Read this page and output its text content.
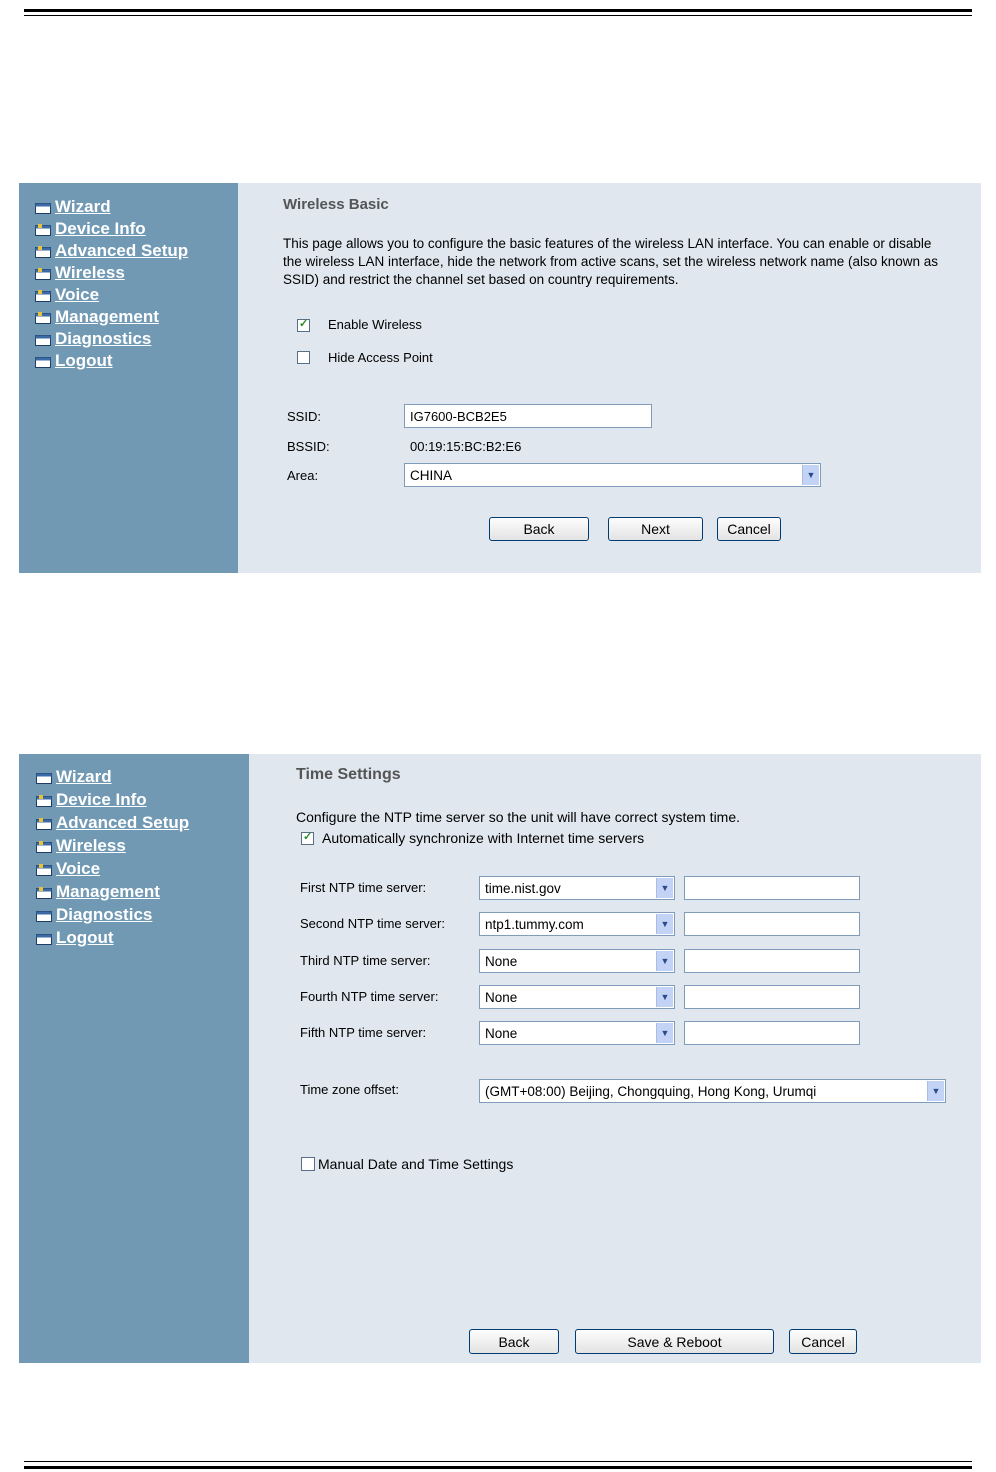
Wizard
Device Info
Advanced Setup
Wireless
Voice
Management
Diagnostics
Logout
Wireless Basic
This page allows you to configure the basic features of the wireless LAN interface. You can enable or disable
the wireless LAN interface, hide the network from active scans, set the wireless network name (also known as
SSID) and restrict the channel set based on country requirements.
✓ Enable Wireless
Hide Access Point
SSID:	IG7600-BCB2E5
BSSID:	00:19:15:BC:B2:E6
Area:	CHINA	▼
Back	Next	Cancel
Wizard
Device Info
Advanced Setup
Wireless
Voice
Management
Diagnostics
Logout
Time Settings
Configure the NTP time server so the unit will have correct system time.
✓ Automatically synchronize with Internet time servers
First NTP time server:	time.nist.gov	▼
Second NTP time server:	ntp1.tummy.com	▼
Third NTP time server:	None	▼
Fourth NTP time server:	None	▼
Fifth NTP time server:	None	▼
Time zone offset:	(GMT+08:00) Beijing, Chongquing, Hong Kong, Urumqi	▼
Manual Date and Time Settings
Back	Save & Reboot	Cancel
